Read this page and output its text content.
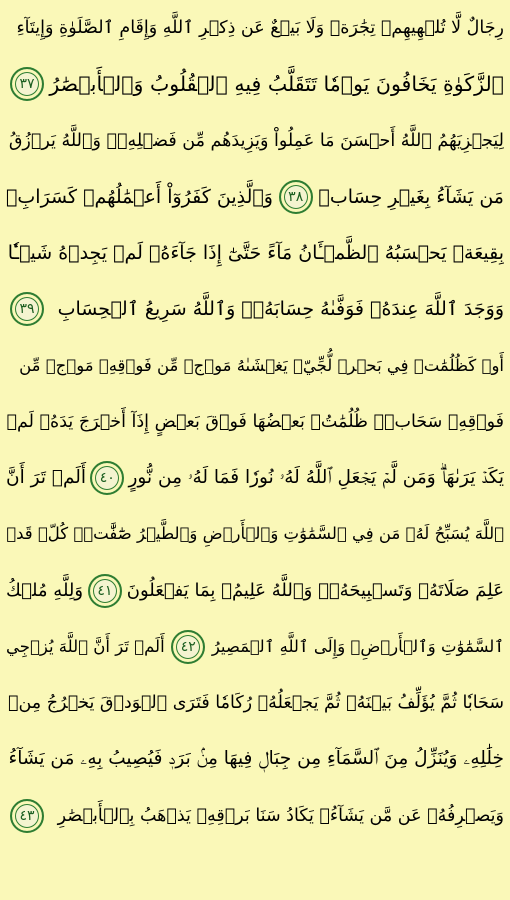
رِجَالٌ لَّا تُلۡهِيهِمۡ تِجَٰرَةٞ وَلَا بَيۡعٌ عَن ذِكۡرِ ٱللَّهِ وَإِقَامِ ٱلصَّلَوٰةِ وَإِيتَآءِ
ٱلزَّكَوٰةِ يَخَافُونَ يَوۡمٗا تَتَقَلَّبُ فِيهِ ٱلۡقُلُوبُ وَٱلۡأَبۡصَٰرُ
٣٧
لِيَجۡزِيَهُمُ ٱللَّهُ أَحۡسَنَ مَا عَمِلُواْ وَيَزِيدَهُم مِّن فَضۡلِهِۦۗ وَٱللَّهُ يَرۡزُقُ
مَن يَشَآءُ بِغَيۡرِ حِسَابٖ
٣٨
وَٱلَّذِينَ كَفَرُوٓاْ أَعۡمَٰلُهُمۡ كَسَرَابِۭ
بِقِيعَةٖ يَحۡسَبُهُ ٱلظَّمۡـَٔانُ مَآءً حَتَّىٰٓ إِذَا جَآءَهُۥ لَمۡ يَجِدۡهُ شَيۡـٔٗا
وَوَجَدَ ٱللَّهَ عِندَهُۥ فَوَفَّىٰهُ حِسَابَهُۥۗ وَٱللَّهُ سَرِيعُ ٱلۡحِسَابِ
٣٩
أَوۡ كَظُلُمَٰتٖ فِي بَحۡرٖ لُّجِّيّٖ يَغۡشَىٰهُ مَوۡجٞ مِّن فَوۡقِهِۦ مَوۡجٞ مِّن
فَوۡقِهِۦ سَحَابٞۚ ظُلُمَٰتُۢ بَعۡضُهَا فَوۡقَ بَعۡضٍ إِذَآ أَخۡرَجَ يَدَهُۥ لَمۡ
يَكَدۡ يَرَىٰهَاۗ وَمَن لَّمۡ يَجۡعَلِ ٱللَّهُ لَهُۥ نُورٗا فَمَا لَهُۥ مِن نُّورٍ
٤٠
أَلَمۡ تَرَ أَنَّ
ٱللَّهَ يُسَبِّحُ لَهُۥ مَن فِي ٱلسَّمَٰوَٰتِ وَٱلۡأَرۡضِ وَٱلطَّيۡرُ صَٰٓفَّٰتٖۖ كُلّٞ قَدۡ
عَلِمَ صَلَاتَهُۥ وَتَسۡبِيحَهُۥۗ وَٱللَّهُ عَلِيمُۢ بِمَا يَفۡعَلُونَ
٤١
وَلِلَّهِ مُلۡكُ
ٱلسَّمَٰوَٰتِ وَٱلۡأَرۡضِۖ وَإِلَى ٱللَّهِ ٱلۡمَصِيرُ
٤٢
أَلَمۡ تَرَ أَنَّ ٱللَّهَ يُزۡجِي
سَحَابٗا ثُمَّ يُؤَلِّفُ بَيۡنَهُۥ ثُمَّ يَجۡعَلُهُۥ رُكَامٗا فَتَرَى ٱلۡوَدۡقَ يَخۡرُجُ مِنۡ
خِلَٰلِهِۦ وَيُنَزِّلُ مِنَ ٱلسَّمَآءِ مِن جِبَالٖ فِيهَا مِنۢ بَرَدٖ فَيُصِيبُ بِهِۦ مَن يَشَآءُ
وَيَصۡرِفُهُۥ عَن مَّن يَشَآءُۖ يَكَادُ سَنَا بَرۡقِهِۦ يَذۡهَبُ بِٱلۡأَبۡصَٰرِ
٤٣
